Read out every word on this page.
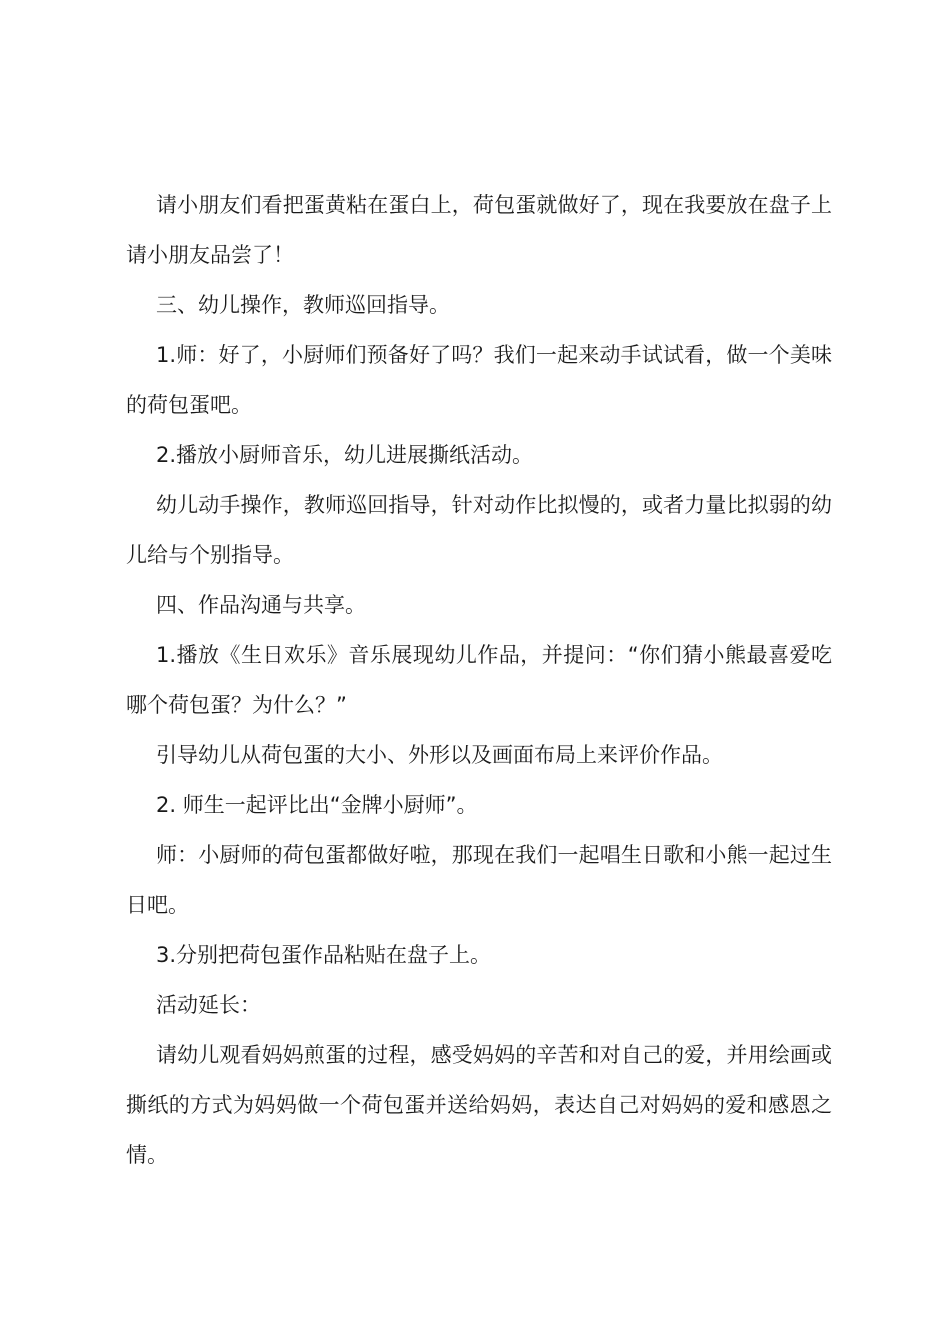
请小朋友们看把蛋黄粘在蛋白上，荷包蛋就做好了，现在我要放在盘子上请小朋友品尝了！

三、幼儿操作，教师巡回指导。

1.师：好了，小厨师们预备好了吗？我们一起来动手试试看，做一个美味的荷包蛋吧。

2.播放小厨师音乐，幼儿进展撕纸活动。

幼儿动手操作，教师巡回指导，针对动作比拟慢的，或者力量比拟弱的幼儿给与个别指导。

四、作品沟通与共享。

1.播放《生日欢乐》音乐展现幼儿作品，并提问：“你们猜小熊最喜爱吃哪个荷包蛋？为什么？”

引导幼儿从荷包蛋的大小、外形以及画面布局上来评价作品。

2. 师生一起评比出“金牌小厨师”。

师：小厨师的荷包蛋都做好啦，那现在我们一起唱生日歌和小熊一起过生日吧。

3.分别把荷包蛋作品粘贴在盘子上。

活动延长：

请幼儿观看妈妈煎蛋的过程，感受妈妈的辛苦和对自己的爱，并用绘画或撕纸的方式为妈妈做一个荷包蛋并送给妈妈，表达自己对妈妈的爱和感恩之情。
